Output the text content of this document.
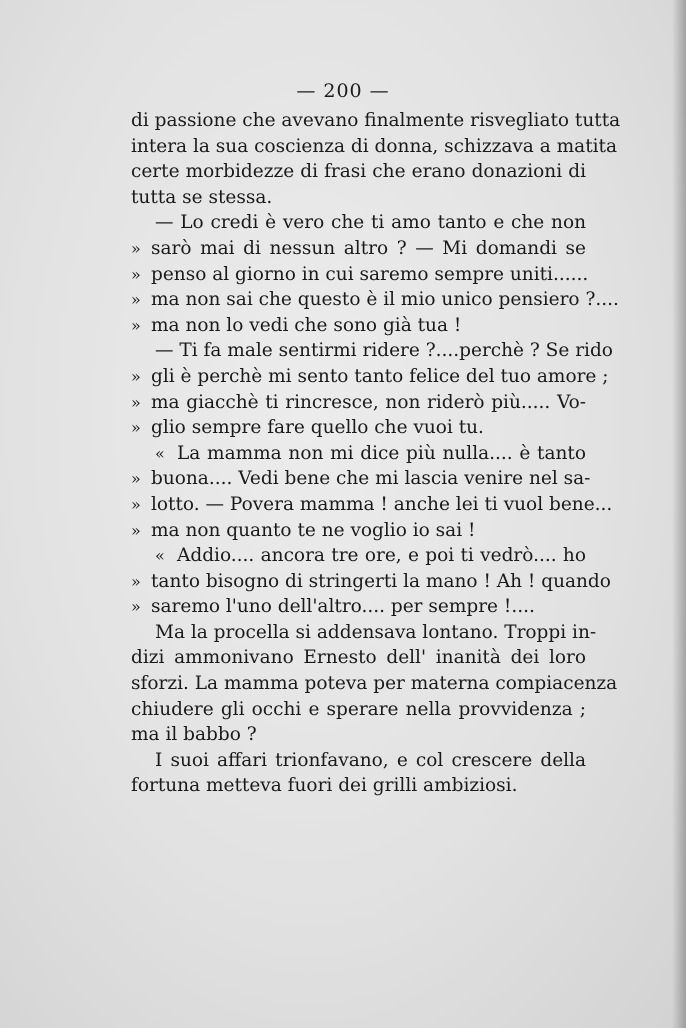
— 200 —
di passione che avevano finalmente risvegliato tutta
intera la sua coscienza di donna, schizzava a matita
certe morbidezze di frasi che erano donazioni di
tutta se stessa.
— Lo credi è vero che ti amo tanto e che non
» sarò mai di nessun altro ? — Mi domandi se
» penso al giorno in cui saremo sempre uniti......
» ma non sai che questo è il mio unico pensiero ?....
» ma non lo vedi che sono già tua !
— Ti fa male sentirmi ridere ?....perchè ? Se rido
» gli è perchè mi sento tanto felice del tuo amore ;
» ma giacchè ti rincresce, non riderò più..... Vo-
» glio sempre fare quello che vuoi tu.
« La mamma non mi dice più nulla.... è tanto
» buona.... Vedi bene che mi lascia venire nel sa-
» lotto. — Povera mamma ! anche lei ti vuol bene...
» ma non quanto te ne voglio io sai !
« Addio.... ancora tre ore, e poi ti vedrò.... ho
» tanto bisogno di stringerti la mano ! Ah ! quando
» saremo l'uno dell'altro.... per sempre !....
Ma la procella si addensava lontano. Troppi in-
dizi ammonivano Ernesto dell' inanità dei loro
sforzi. La mamma poteva per materna compiacenza
chiudere gli occhi e sperare nella provvidenza ;
ma il babbo ?
I suoi affari trionfavano, e col crescere della
fortuna metteva fuori dei grilli ambiziosi.
